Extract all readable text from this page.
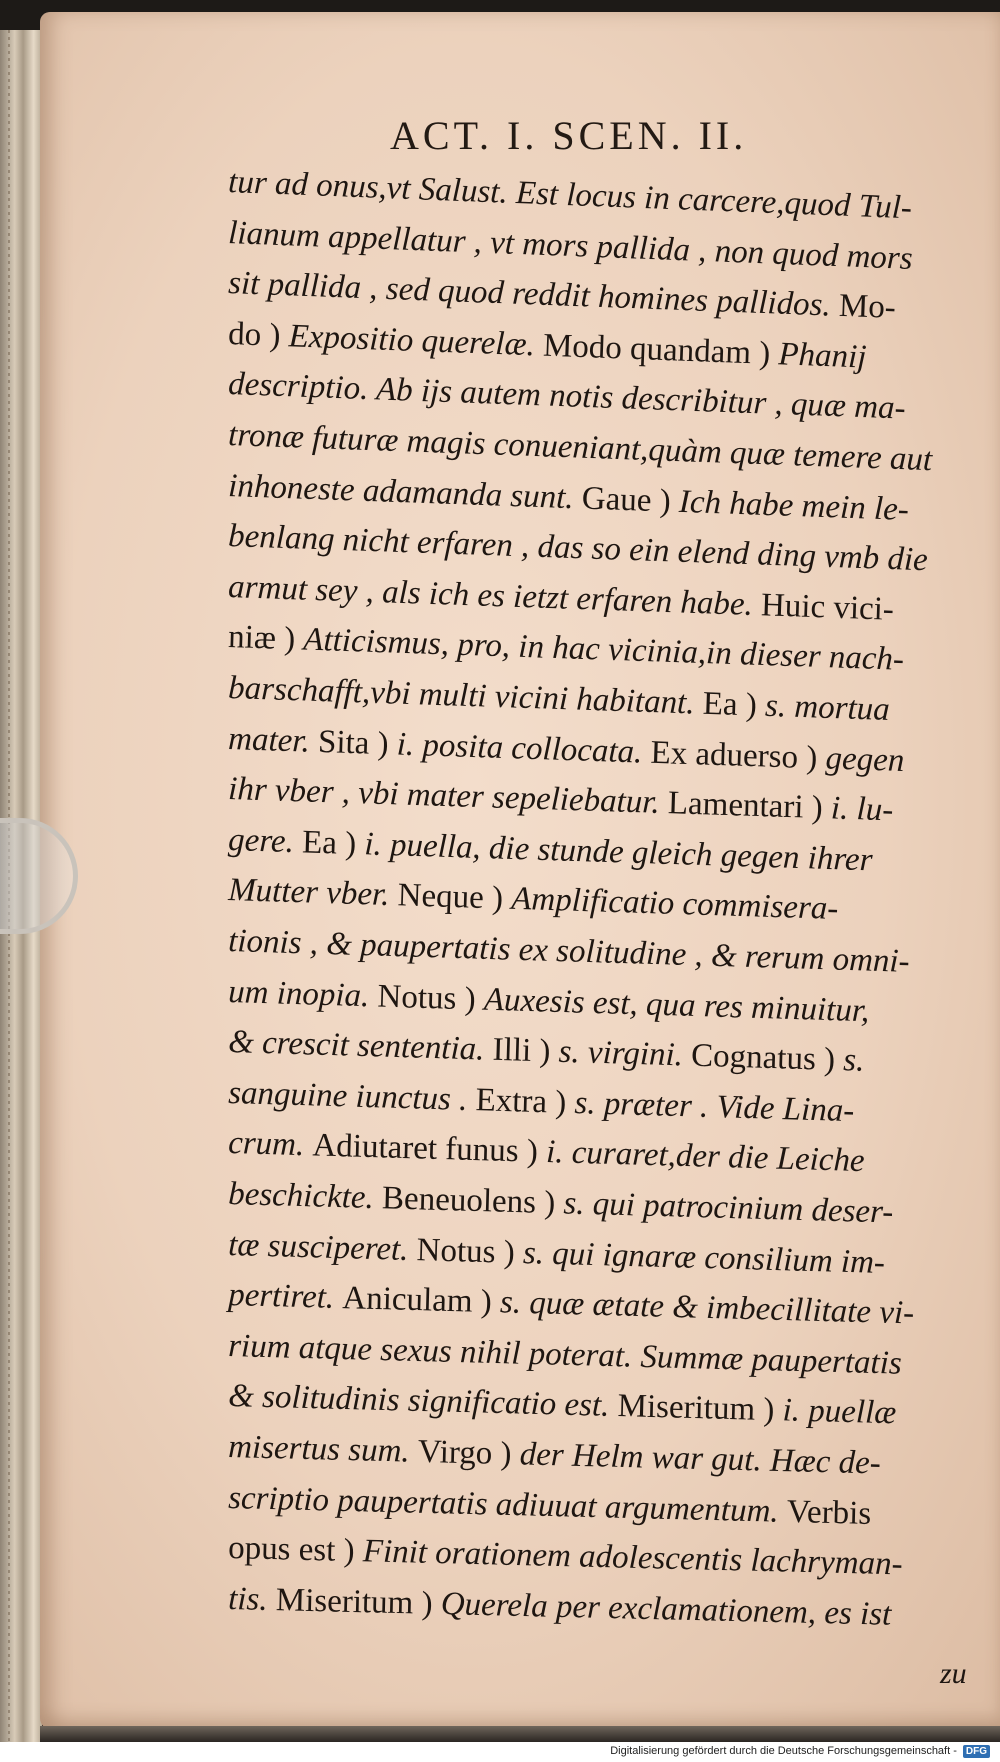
ACT. I. SCEN. II.
tur ad onus,vt Salust. Est locus in carcere,quod Tul-
lianum appellatur , vt mors pallida , non quod mors
sit pallida , sed quod reddit homines pallidos. Mo-
do ) Expositio querelæ. Modo quandam ) Phanij
descriptio. Ab ijs autem notis describitur , quæ ma-
tronæ futuræ magis conueniant,quàm quæ temere aut
inhoneste adamanda sunt. Gaue ) Ich habe mein le-
benlang nicht erfaren , das so ein elend ding vmb die
armut sey , als ich es ietzt erfaren habe. Huic vici-
niæ ) Atticismus, pro, in hac vicinia,in dieser nach-
barschafft,vbi multi vicini habitant. Ea ) s. mortua
mater. Sita ) i. posita collocata. Ex aduerso ) gegen
ihr vber , vbi mater sepeliebatur. Lamentari ) i. lu-
gere. Ea ) i. puella, die stunde gleich gegen ihrer
Mutter vber. Neque ) Amplificatio commisera-
tionis , & paupertatis ex solitudine , & rerum omni-
um inopia. Notus ) Auxesis est, qua res minuitur,
& crescit sententia. Illi ) s. virgini. Cognatus ) s.
sanguine iunctus . Extra ) s. præter . Vide Lina-
crum. Adiutaret funus ) i. curaret,der die Leiche
beschickte. Beneuolens ) s. qui patrocinium deser-
tæ susciperet. Notus ) s. qui ignaræ consilium im-
pertiret. Aniculam ) s. quæ ætate & imbecillitate vi-
rium atque sexus nihil poterat. Summæ paupertatis
& solitudinis significatio est. Miseritum ) i. puellæ
misertus sum. Virgo ) der Helm war gut. Hæc de-
scriptio paupertatis adiuuat argumentum. Verbis
opus est ) Finit orationem adolescentis lachryman-
tis. Miseritum ) Querela per exclamationem, es ist
zu
Digitalisierung gefördert durch die Deutsche Forschungsgemeinschaft - DFG
